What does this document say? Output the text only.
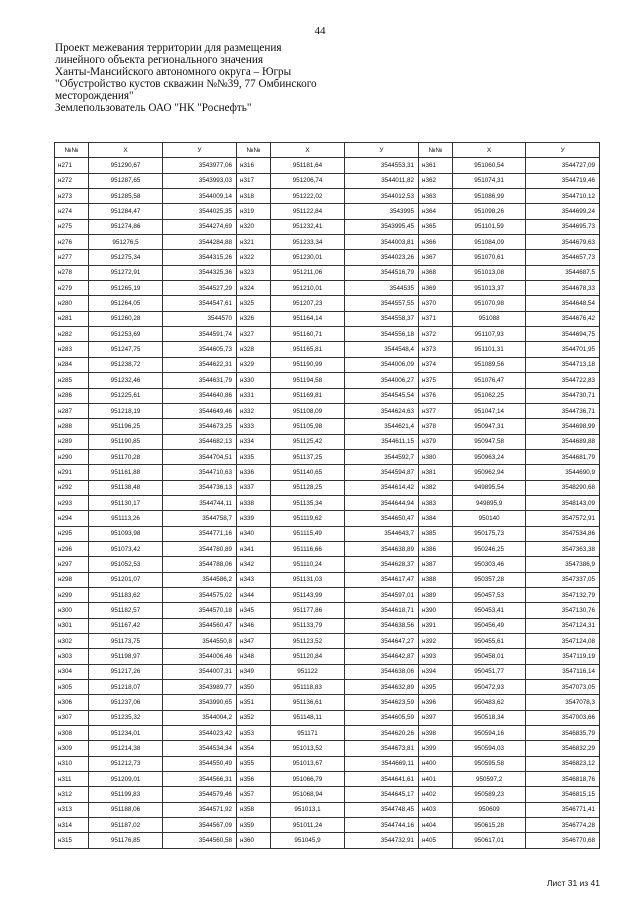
44
Проект межевания территории для размещения
линейного объекта регионального значения
Ханты-Мансийского автономного округа – Югры
"Обустройство кустов скважин №№39, 77 Омбинского
месторождения"
Землепользователь ОАО "НК "Роснефть"
№№	X	У
н271	951290,67	3543977,06
н272	951287,65	3543993,03
н273	951285,58	3544009,14
н274	951284,47	3544025,35
н275	951274,86	3544274,69
н276	951276,5	3544284,88
н277	951275,34	3544315,26
н278	951272,91	3544325,36
н279	951265,19	3544527,29
н280	951264,05	3544547,61
н281	951260,28	3544570
н282	951253,69	3544591,74
н283	951247,75	3544605,73
н284	951238,72	3544622,31
н285	951232,46	3544631,79
н286	951225,61	3544640,86
н287	951218,19	3544649,46
н288	951196,25	3544673,25
н289	951190,85	3544682,13
н290	951170,28	3544704,51
н291	951161,88	3544710,63
н292	951138,48	3544736,13
н293	951130,17	3544744,11
н294	951113,26	3544758,7
н295	951093,98	3544771,16
н296	951073,42	3544780,89
н297	951052,53	3544788,06
н298	951201,07	3544586,2
н299	951183,62	3544575,02
н300	951182,57	3544570,18
н301	951167,42	3544560,47
н302	951173,75	3544550,8
н303	951198,97	3544006,46
н304	951217,26	3544007,31
н305	951218,07	3543989,77
н306	951237,06	3543990,65
н307	951235,32	3544004,2
н308	951234,01	3544023,42
н309	951214,38	3544534,34
н310	951212,73	3544550,49
н311	951209,01	3544566,31
н312	951199,83	3544579,46
н313	951188,06	3544571,92
н314	951187,02	3544567,09
н315	951176,85	3544560,58
№№	X	У
н316	951181,64	3544553,31
н317	951206,74	3544011,82
н318	951222,02	3544012,53
н319	951122,84	3543995
н320	951232,41	3543995,45
н321	951233,34	3544003,81
н322	951230,01	3544023,26
н323	951211,06	3544516,79
н324	951210,01	3544535
н325	951207,23	3544557,55
н326	951164,14	3544558,37
н327	951160,71	3544556,18
н328	951165,81	3544548,4
н329	951190,99	3544006,09
н330	951194,58	3544006,27
н331	951169,81	3544545,54
н332	951108,09	3544624,63
н333	951105,98	3544621,4
н334	951125,42	3544611,15
н335	951137,25	3544592,7
н336	951140,65	3544594,87
н337	951128,25	3544614,42
н338	951135,34	3544644,94
н339	951119,62	3544650,47
н340	951115,49	3544643,7
н341	951116,66	3544638,89
н342	951110,24	3544628,37
н343	951131,03	3544617,47
н344	951143,99	3544597,01
н345	951177,86	3544618,71
н346	951133,79	3544638,56
н347	951123,52	3544647,27
н348	951120,84	3544642,87
н349	951122	3544638,06
н350	951118,83	3544632,89
н351	951136,61	3544623,59
н352	951148,11	3544605,59
н353	951171	3544620,26
н354	951013,52	3544673,81
н355	951013,67	3544669,11
н356	951066,79	3544641,61
н357	951068,94	3544645,17
н358	951013,1	3544748,45
н359	951011,24	3544744,16
н360	951045,9	3544732,91
№№	X	У
н361	951060,54	3544727,09
н362	951074,31	3544719,46
н363	951086,99	3544710,12
н364	951098,26	3544699,24
н365	951101,59	3544695,73
н366	951084,09	3544679,63
н367	951070,61	3544657,73
н368	951013,08	3544687,5
н369	951013,37	3544678,33
н370	951070,98	3544648,54
н371	951088	3544676,42
н372	951107,93	3544694,75
н373	951101,31	3544701,95
н374	951089,56	3544713,18
н375	951076,47	3544722,83
н376	951062,25	3544730,71
н377	951047,14	3544736,71
н378	950947,31	3544698,99
н379	950947,58	3544689,88
н380	950963,24	3544681,79
н381	950962,94	3544690,9
н382	949895,54	3548290,68
н383	949895,9	3548143,09
н384	950140	3547572,91
н385	950175,73	3547534,86
н386	950246,25	3547363,38
н387	950303,46	3547386,9
н388	950357,28	3547337,05
н389	950457,53	3547132,79
н390	950453,41	3547130,76
н391	950456,49	3547124,31
н392	950455,61	3547124,08
н393	950458,01	3547119,19
н394	950451,77	3547116,14
н395	950472,93	3547073,05
н396	950483,62	3547078,3
н397	950518,34	3547003,66
н398	950594,16	3546835,79
н399	950594,03	3546832,29
н400	950595,58	3546823,12
н401	950597,2	3546818,76
н402	950589,23	3546815,15
н403	950609	3546771,41
н404	950615,28	3546774,28
н405	950617,01	3546770,68
Лист 31 из 41
